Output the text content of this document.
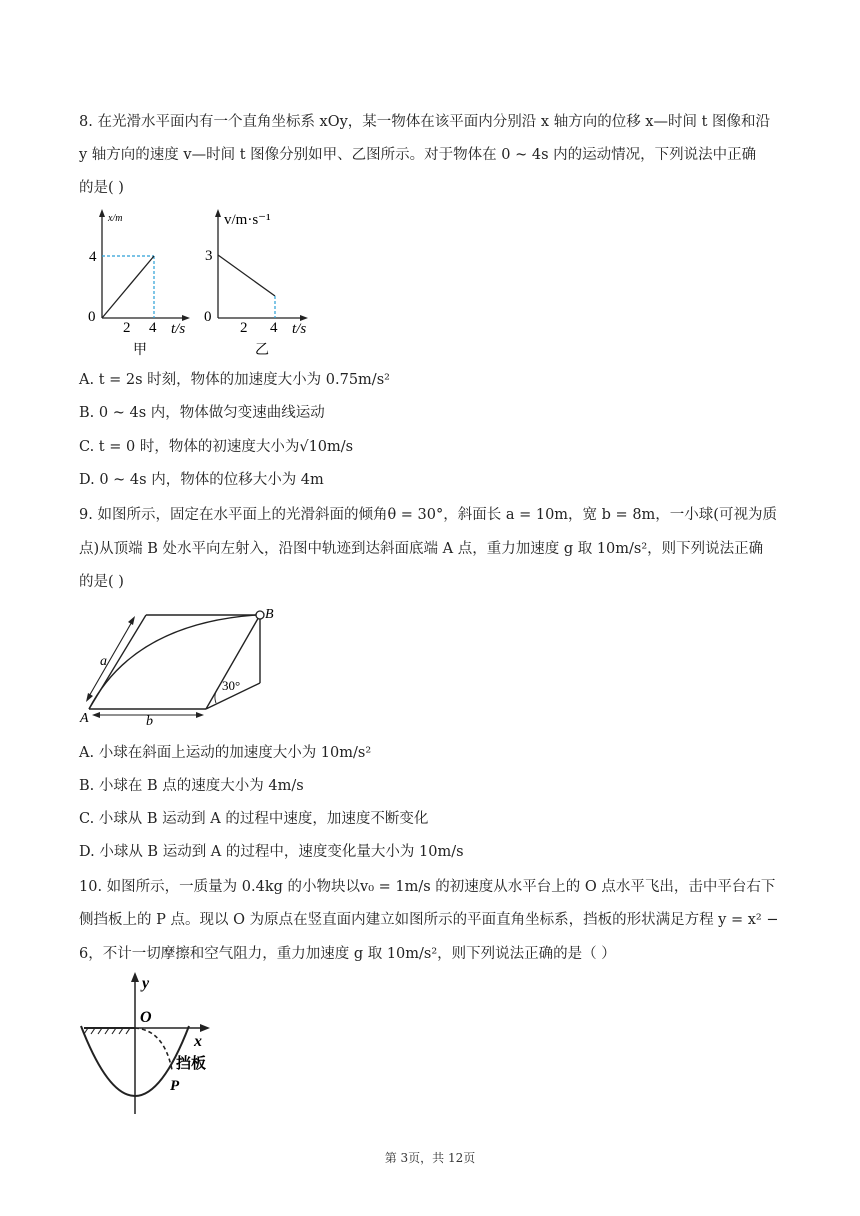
8. 在光滑水平面内有一个直角坐标系 xOy，某一物体在该平面内分别沿 x 轴方向的位移 x—时间 t 图像和沿
y 轴方向的速度 v—时间 t 图像分别如甲、乙图所示。对于物体在 0 ~ 4s 内的运动情况，下列说法中正确
的是( )
x/m
4
0
2 4 t/s
甲
v/m·s⁻¹
3
0
2 4 t/s
乙
A. t = 2s 时刻，物体的加速度大小为 0.75m/s²
B. 0 ~ 4s 内，物体做匀变速曲线运动
C. t = 0 时，物体的初速度大小为√10m/s
D. 0 ~ 4s 内，物体的位移大小为 4m
9. 如图所示，固定在水平面上的光滑斜面的倾角θ = 30°，斜面长 a = 10m，宽 b = 8m，一小球(可视为质
点)从顶端 B 处水平向左射入，沿图中轨迹到达斜面底端 A 点，重力加速度 g 取 10m/s²，则下列说法正确
的是( )
B
A
a
b
30°
A. 小球在斜面上运动的加速度大小为 10m/s²
B. 小球在 B 点的速度大小为 4m/s
C. 小球从 B 运动到 A 的过程中速度，加速度不断变化
D. 小球从 B 运动到 A 的过程中，速度变化量大小为 10m/s
10. 如图所示，一质量为 0.4kg 的小物块以v₀ = 1m/s 的初速度从水平台上的 O 点水平飞出，击中平台右下
侧挡板上的 P 点。现以 O 为原点在竖直面内建立如图所示的平面直角坐标系，挡板的形状满足方程 y = x² −
6，不计一切摩擦和空气阻力，重力加速度 g 取 10m/s²，则下列说法正确的是（ ）
y
O
x
挡板
P
第 3页，共 12页
